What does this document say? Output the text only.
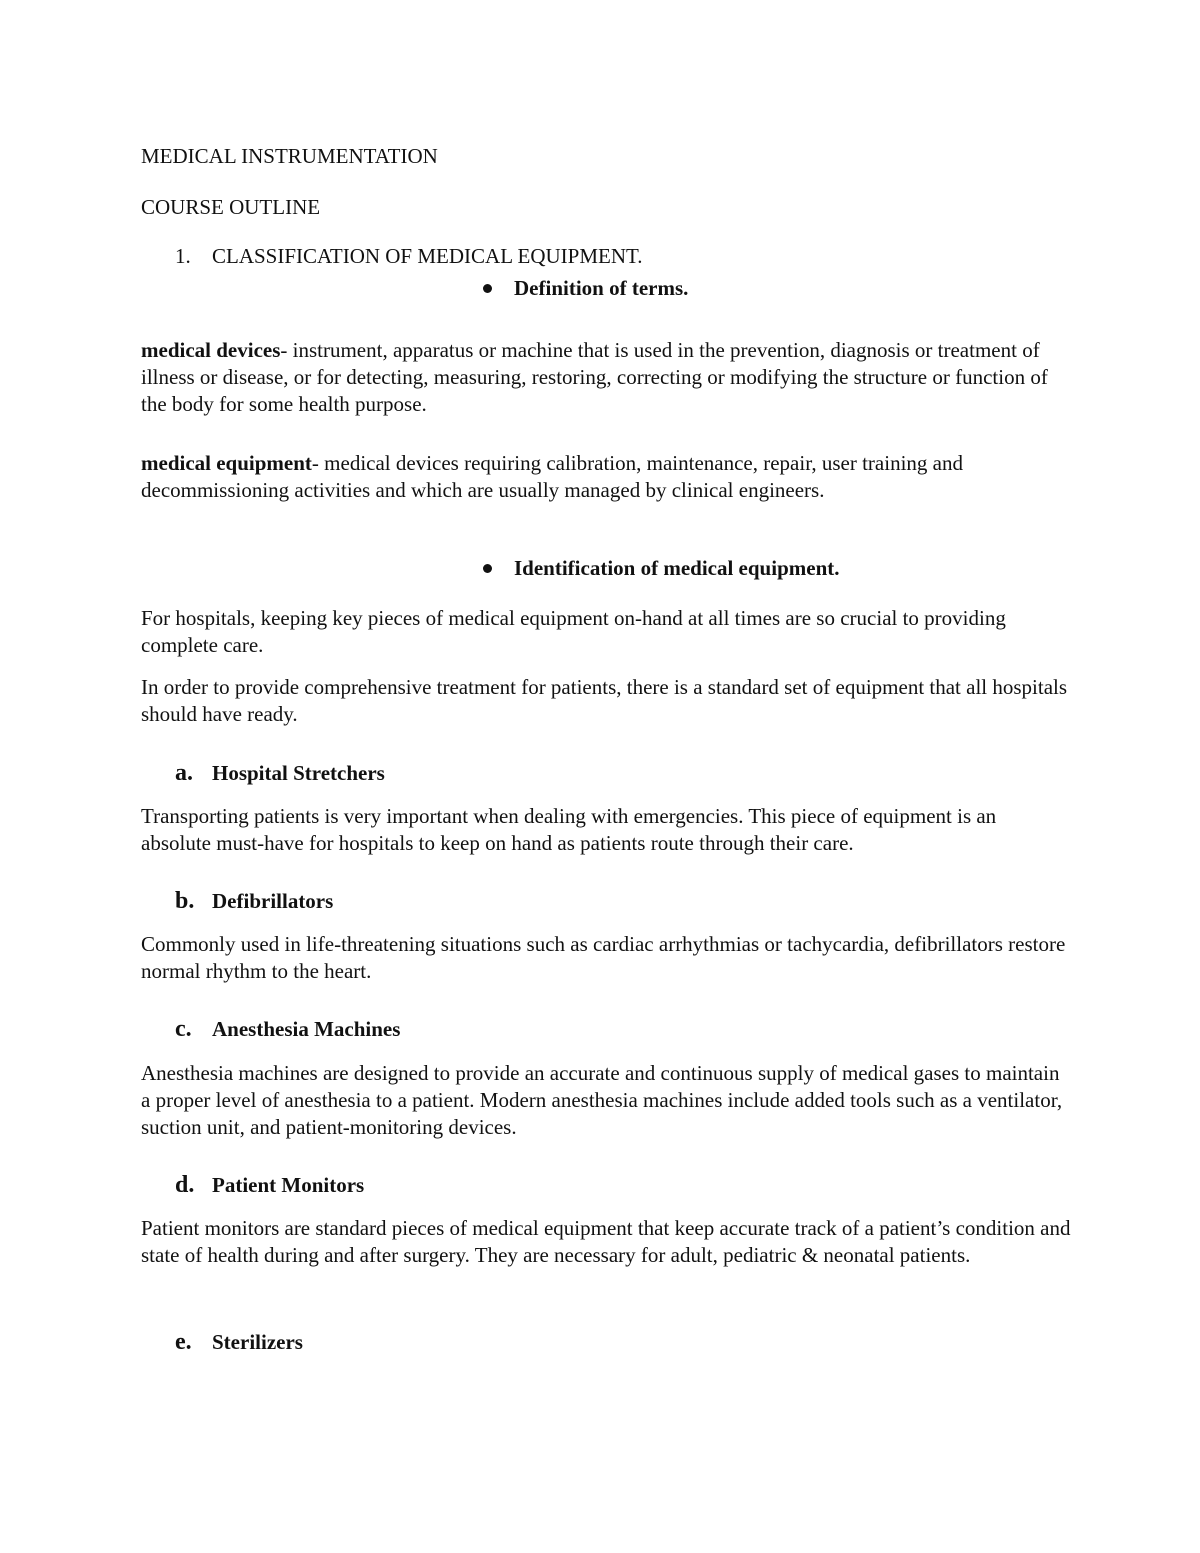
MEDICAL INSTRUMENTATION

COURSE OUTLINE

1. CLASSIFICATION OF MEDICAL EQUIPMENT.
Definition of terms.

medical devices- instrument, apparatus or machine that is used in the prevention, diagnosis or treatment of illness or disease, or for detecting, measuring, restoring, correcting or modifying the structure or function of the body for some health purpose.

medical equipment- medical devices requiring calibration, maintenance, repair, user training and decommissioning activities and which are usually managed by clinical engineers.

Identification of medical equipment.

For hospitals, keeping key pieces of medical equipment on-hand at all times are so crucial to providing complete care.

In order to provide comprehensive treatment for patients, there is a standard set of equipment that all hospitals should have ready.

a. Hospital Stretchers

Transporting patients is very important when dealing with emergencies. This piece of equipment is an absolute must-have for hospitals to keep on hand as patients route through their care.

b. Defibrillators

Commonly used in life-threatening situations such as cardiac arrhythmias or tachycardia, defibrillators restore normal rhythm to the heart.

c. Anesthesia Machines

Anesthesia machines are designed to provide an accurate and continuous supply of medical gases to maintain a proper level of anesthesia to a patient. Modern anesthesia machines include added tools such as a ventilator, suction unit, and patient-monitoring devices.

d. Patient Monitors

Patient monitors are standard pieces of medical equipment that keep accurate track of a patient’s condition and state of health during and after surgery. They are necessary for adult, pediatric & neonatal patients.

e. Sterilizers
